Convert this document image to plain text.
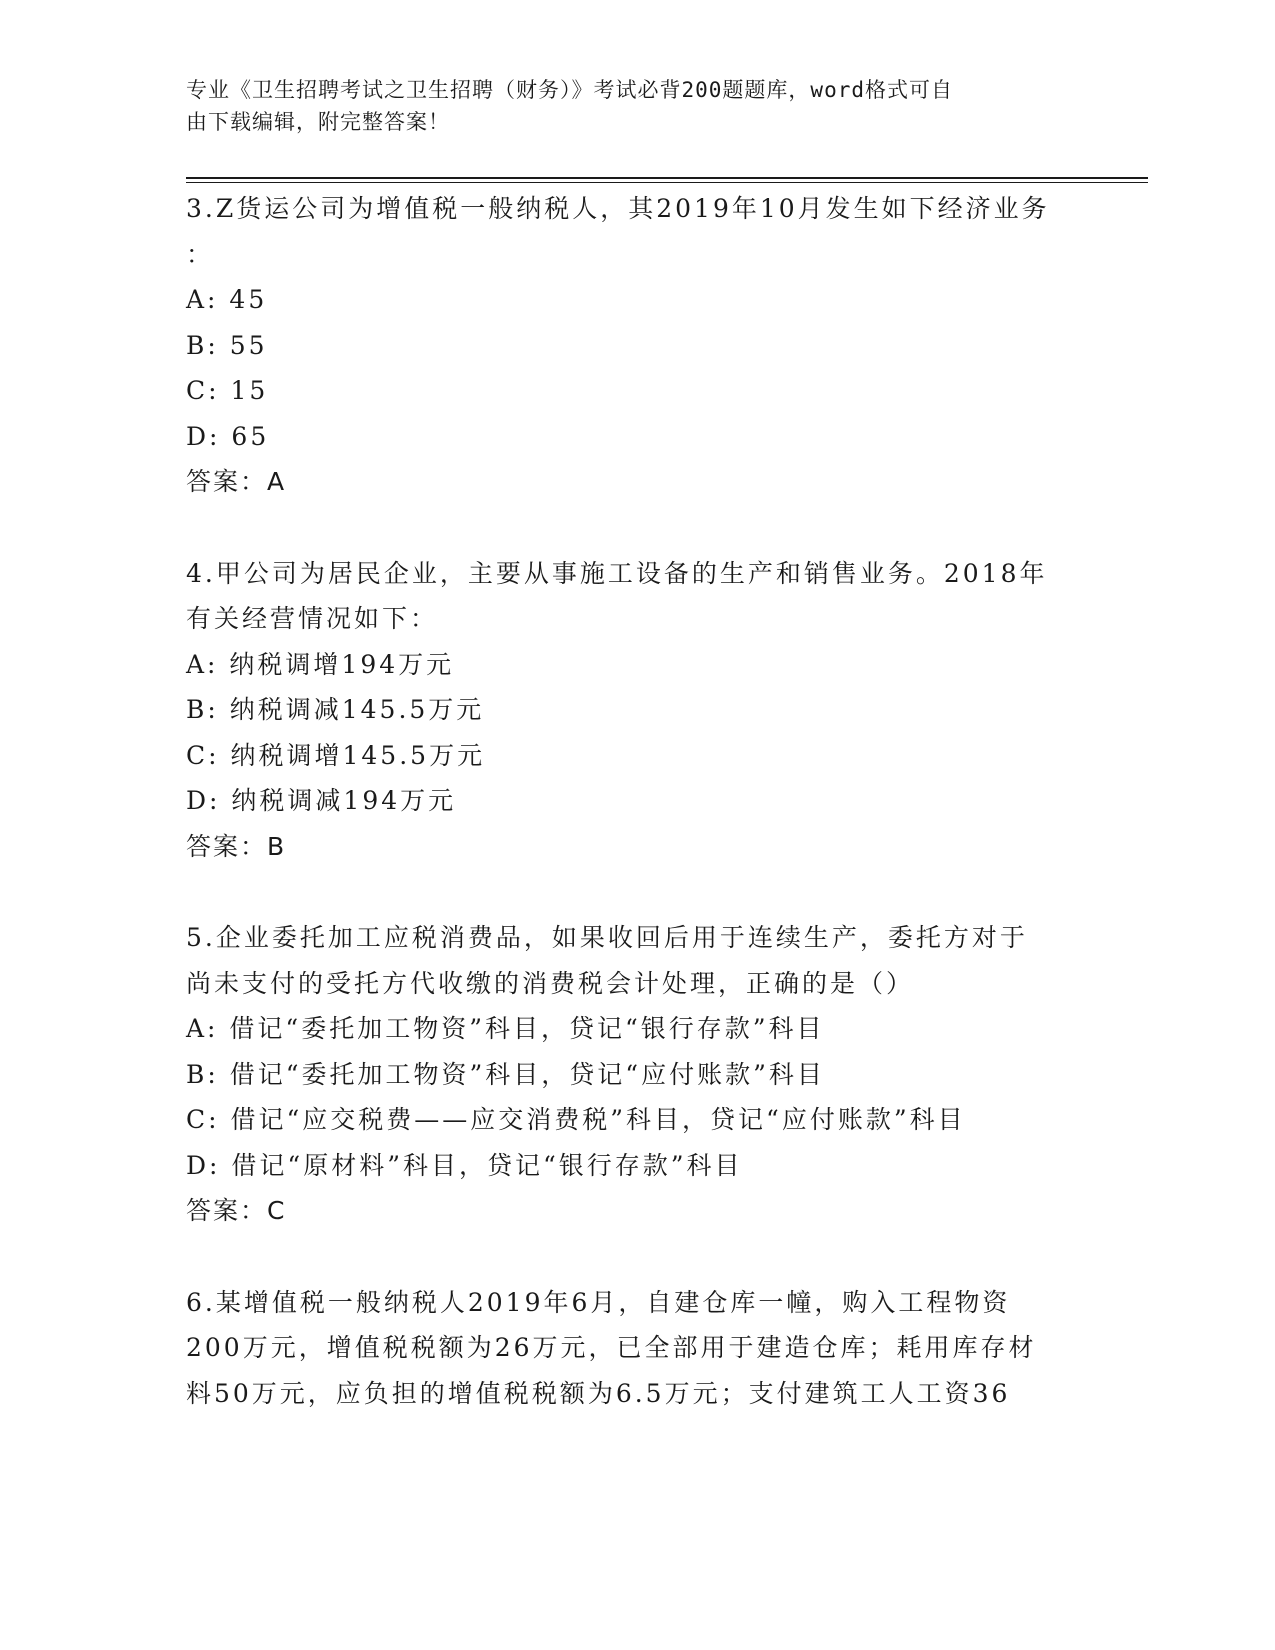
专业《卫生招聘考试之卫生招聘（财务）》考试必背200题题库，word格式可自
由下载编辑，附完整答案！
3.Z货运公司为增值税一般纳税人，其2019年10月发生如下经济业务
：
A: 45
B: 55
C: 15
D: 65
答案：A
4.甲公司为居民企业，主要从事施工设备的生产和销售业务。2018年
有关经营情况如下：
A: 纳税调增194万元
B: 纳税调减145.5万元
C: 纳税调增145.5万元
D: 纳税调减194万元
答案：B
5.企业委托加工应税消费品，如果收回后用于连续生产，委托方对于
尚未支付的受托方代收缴的消费税会计处理，正确的是（）
A: 借记“委托加工物资”科目，贷记“银行存款”科目
B: 借记“委托加工物资”科目，贷记“应付账款”科目
C: 借记“应交税费——应交消费税”科目，贷记“应付账款”科目
D: 借记“原材料”科目，贷记“银行存款”科目
答案：C
6.某增值税一般纳税人2019年6月，自建仓库一幢，购入工程物资
200万元，增值税税额为26万元，已全部用于建造仓库；耗用库存材
料50万元，应负担的增值税税额为6.5万元；支付建筑工人工资36
